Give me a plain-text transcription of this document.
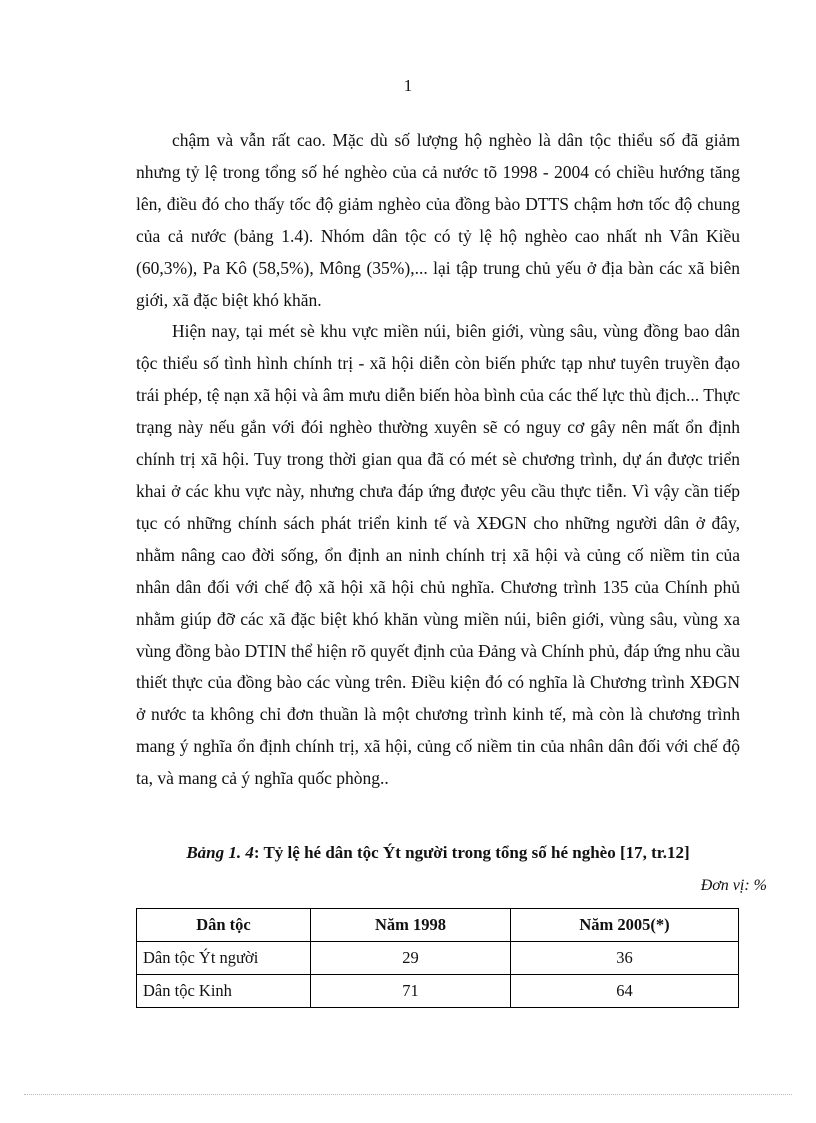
1

chậm và vẫn rất cao. Mặc dù số lượng hộ nghèo là dân tộc thiểu số đã giảm nhưng tỷ lệ trong tổng số hé nghèo của cả nước tõ 1998 - 2004 có chiều hướng tăng lên, điều đó cho thấy tốc độ giảm nghèo của đồng bào DTTS chậm hơn tốc độ chung của cả nước (bảng 1.4). Nhóm dân tộc có tỷ lệ hộ nghèo cao nhất nh Vân Kiều (60,3%), Pa Kô (58,5%), Mông (35%),... lại tập trung chủ yếu ở địa bàn các xã biên giới, xã đặc biệt khó khăn.

Hiện nay, tại mét sè khu vực miền núi, biên giới, vùng sâu, vùng đồng bao dân tộc thiểu số tình hình chính trị - xã hội diễn còn biến phức tạp như tuyên truyền đạo trái phép, tệ nạn xã hội và âm mưu diễn biến hòa bình của các thế lực thù địch... Thực trạng này nếu gắn với đói nghèo thường xuyên sẽ có nguy cơ gây nên mất ổn định chính trị xã hội. Tuy trong thời gian qua đã có mét sè chương trình, dự án được triển khai ở các khu vực này, nhưng chưa đáp ứng được yêu cầu thực tiễn. Vì vậy cần tiếp tục có những chính sách phát triển kinh tế và XĐGN cho những người dân ở đây, nhằm nâng cao đời sống, ổn định an ninh chính trị xã hội và củng cố niềm tin của nhân dân đối với chế độ xã hội xã hội chủ nghĩa. Chương trình 135 của Chính phủ nhằm giúp đỡ các xã đặc biệt khó khăn vùng miền núi, biên giới, vùng sâu, vùng xa vùng đồng bào DTIN thể hiện rõ quyết định của Đảng và Chính phủ, đáp ứng nhu cầu thiết thực của đồng bào các vùng trên. Điều kiện đó có nghĩa là Chương trình XĐGN ở nước ta không chỉ đơn thuần là một chương trình kinh tế, mà còn là chương trình mang ý nghĩa ổn định chính trị, xã hội, củng cố niềm tin của nhân dân đối với chế độ ta, và mang cả ý nghĩa quốc phòng..

Bảng 1. 4: Tỷ lệ hé dân tộc Ýt người trong tổng số hé nghèo [17, tr.12]
Đơn vị: %
Dân tộc	Năm 1998	Năm 2005(*)
Dân tộc Ýt người	29	36
Dân tộc Kinh	71	64
